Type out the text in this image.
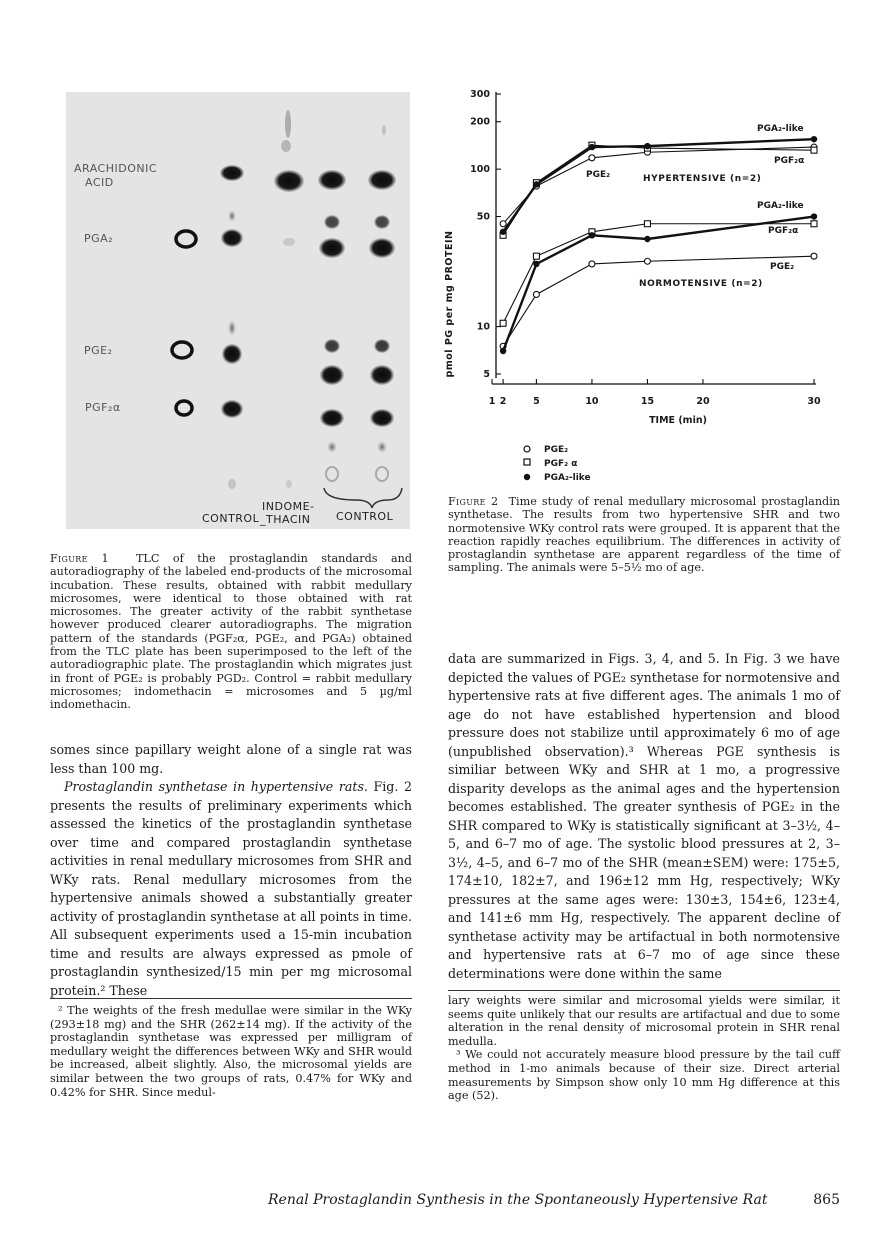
ARACHIDONIC
ACID
PGA₂
PGE₂
PGF₂α
CONTROL
INDOME-
_THACIN CONTROL
Figure 1 TLC of the prostaglandin standards and autoradiography of the labeled end-products of the microsomal incubation. These results, obtained with rabbit medullary microsomes, were identical to those obtained with rat microsomes. The greater activity of the rabbit synthetase however produced clearer autoradiographs. The migration pattern of the standards (PGF₂α, PGE₂, and PGA₂) obtained from the TLC plate has been superimposed to the left of the autoradiographic plate. The prostaglandin which migrates just in front of PGE₂ is probably PGD₂. Control = rabbit medullary microsomes; indomethacin = microsomes and 5 µg/ml indomethacin.
5
10
50
100
200
300
1 2	5	10	15	20	30
pmol PG per mg PROTEIN
TIME (min)
PGA₂-like
PGF₂α
PGE₂	HYPERTENSIVE (n=2)
PGA₂-like
PGF₂α
PGE₂
NORMOTENSIVE (n=2)
PGE₂
PGF₂ α
PGA₂-like
Figure 2 Time study of renal medullary microsomal prostaglandin synthetase. The results from two hypertensive SHR and two normotensive WKy control rats were grouped. It is apparent that the reaction rapidly reaches equilibrium. The differences in activity of prostaglandin synthetase are apparent regardless of the time of sampling. The animals were 5–5½ mo of age.

somes since papillary weight alone of a single rat was less than 100 mg.

Prostaglandin synthetase in hypertensive rats. Fig. 2 presents the results of preliminary experiments which assessed the kinetics of the prostaglandin synthetase over time and compared prostaglandin synthetase activities in renal medullary microsomes from SHR and WKy rats. Renal medullary microsomes from the hypertensive animals showed a substantially greater activity of prostaglandin synthetase at all points in time. All subsequent experiments used a 15-min incubation time and results are always expressed as pmole of prostaglandin synthesized/15 min per mg microsomal protein.² These

data are summarized in Figs. 3, 4, and 5. In Fig. 3 we have depicted the values of PGE₂ synthetase for normotensive and hypertensive rats at five different ages. The animals 1 mo of age do not have established hypertension and blood pressure does not stabilize until approximately 6 mo of age (unpublished observation).³ Whereas PGE synthesis is similiar between WKy and SHR at 1 mo, a progressive disparity develops as the animal ages and the hypertension becomes established. The greater synthesis of PGE₂ in the SHR compared to WKy is statistically significant at 3–3½, 4–5, and 6–7 mo of age. The systolic blood pressures at 2, 3–3½, 4–5, and 6–7 mo of the SHR (mean±SEM) were: 175±5, 174±10, 182±7, and 196±12 mm Hg, respectively; WKy pressures at the same ages were: 130±3, 154±6, 123±4, and 141±6 mm Hg, respectively. The apparent decline of synthetase activity may be artifactual in both normotensive and hypertensive rats at 6–7 mo of age since these determinations were done within the same

² The weights of the fresh medullae were similar in the WKy (293±18 mg) and the SHR (262±14 mg). If the activity of the prostaglandin synthetase was expressed per milligram of medullary weight the differences between WKy and SHR would be increased, albeit slightly. Also, the microsomal yields are similar between the two groups of rats, 0.47% for WKy and 0.42% for SHR. Since medul-

lary weights were similar and microsomal yields were similar, it seems quite unlikely that our results are artifactual and due to some alteration in the renal density of microsomal protein in SHR renal medulla.

³ We could not accurately measure blood pressure by the tail cuff method in 1-mo animals because of their size. Direct arterial measurements by Simpson show only 10 mm Hg difference at this age (52).

Renal Prostaglandin Synthesis in the Spontaneously Hypertensive Rat	865
